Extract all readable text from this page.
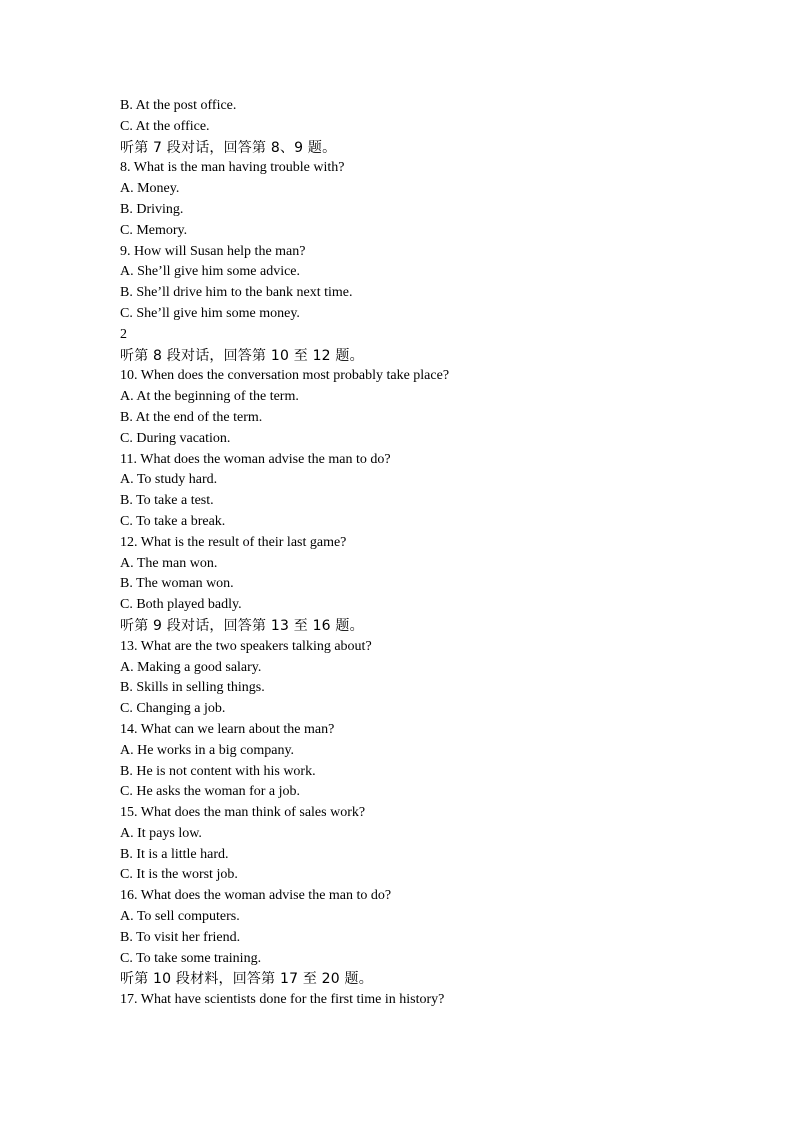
B. At the post office.

C. At the office.

听第 7 段对话，回答第 8、9 题。

8. What is the man having trouble with?

A. Money.

B. Driving.

C. Memory.

9. How will Susan help the man?

A. She’ll give him some advice.

B. She’ll drive him to the bank next time.

C. She’ll give him some money.

2

听第 8 段对话，回答第 10 至 12 题。

10. When does the conversation most probably take place?

A. At the beginning of the term.

B. At the end of the term.

C. During vacation.

11. What does the woman advise the man to do?

A. To study hard.

B. To take a test.

C. To take a break.

12. What is the result of their last game?

A. The man won.

B. The woman won.

C. Both played badly.

听第 9 段对话，回答第 13 至 16 题。

13. What are the two speakers talking about?

A. Making a good salary.

B. Skills in selling things.

C. Changing a job.

14. What can we learn about the man?

A. He works in a big company.

B. He is not content with his work.

C. He asks the woman for a job.

15. What does the man think of sales work?

A. It pays low.

B. It is a little hard.

C. It is the worst job.

16. What does the woman advise the man to do?

A. To sell computers.

B. To visit her friend.

C. To take some training.

听第 10 段材料，回答第 17 至 20 题。

17. What have scientists done for the first time in history?
